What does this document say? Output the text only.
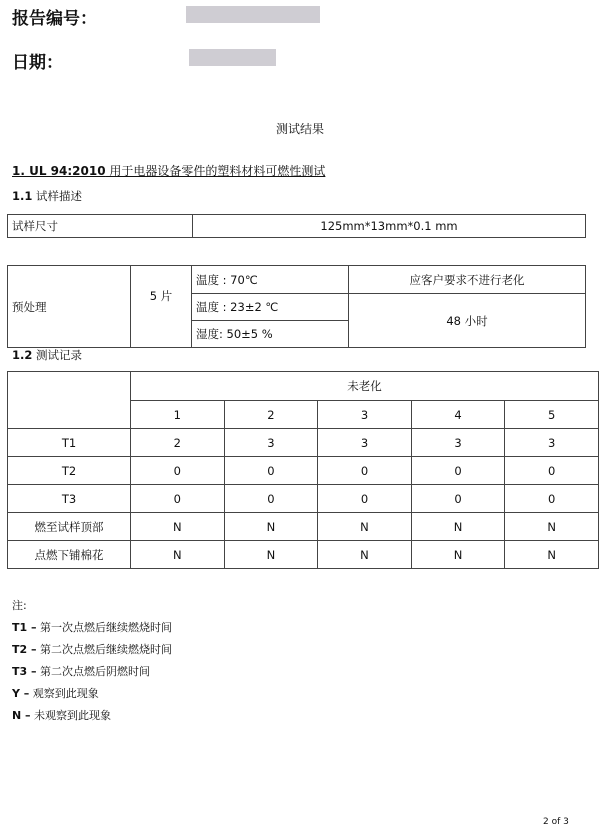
报告编号：
日期：
测试结果
1. UL 94:2010 用于电器设备零件的塑料材料可燃性测试
1.1 试样描述
试样尺寸	125mm*13mm*0.1 mm
预处理	5 片	温度 : 70℃	应客户要求不进行老化
		温度 : 23±2 ℃	48 小时
		湿度: 50±5 %	
1.2 测试记录
	未老化				
	1	2	3	4	5
T1	2	3	3	3	3
T2	0	0	0	0	0
T3	0	0	0	0	0
燃至试样顶部	N	N	N	N	N
点燃下铺棉花	N	N	N	N	N
注:
T1 – 第一次点燃后继续燃烧时间
T2 – 第二次点燃后继续燃烧时间
T3 – 第二次点燃后阴燃时间
Y – 观察到此现象
N – 未观察到此现象
2 of 3
